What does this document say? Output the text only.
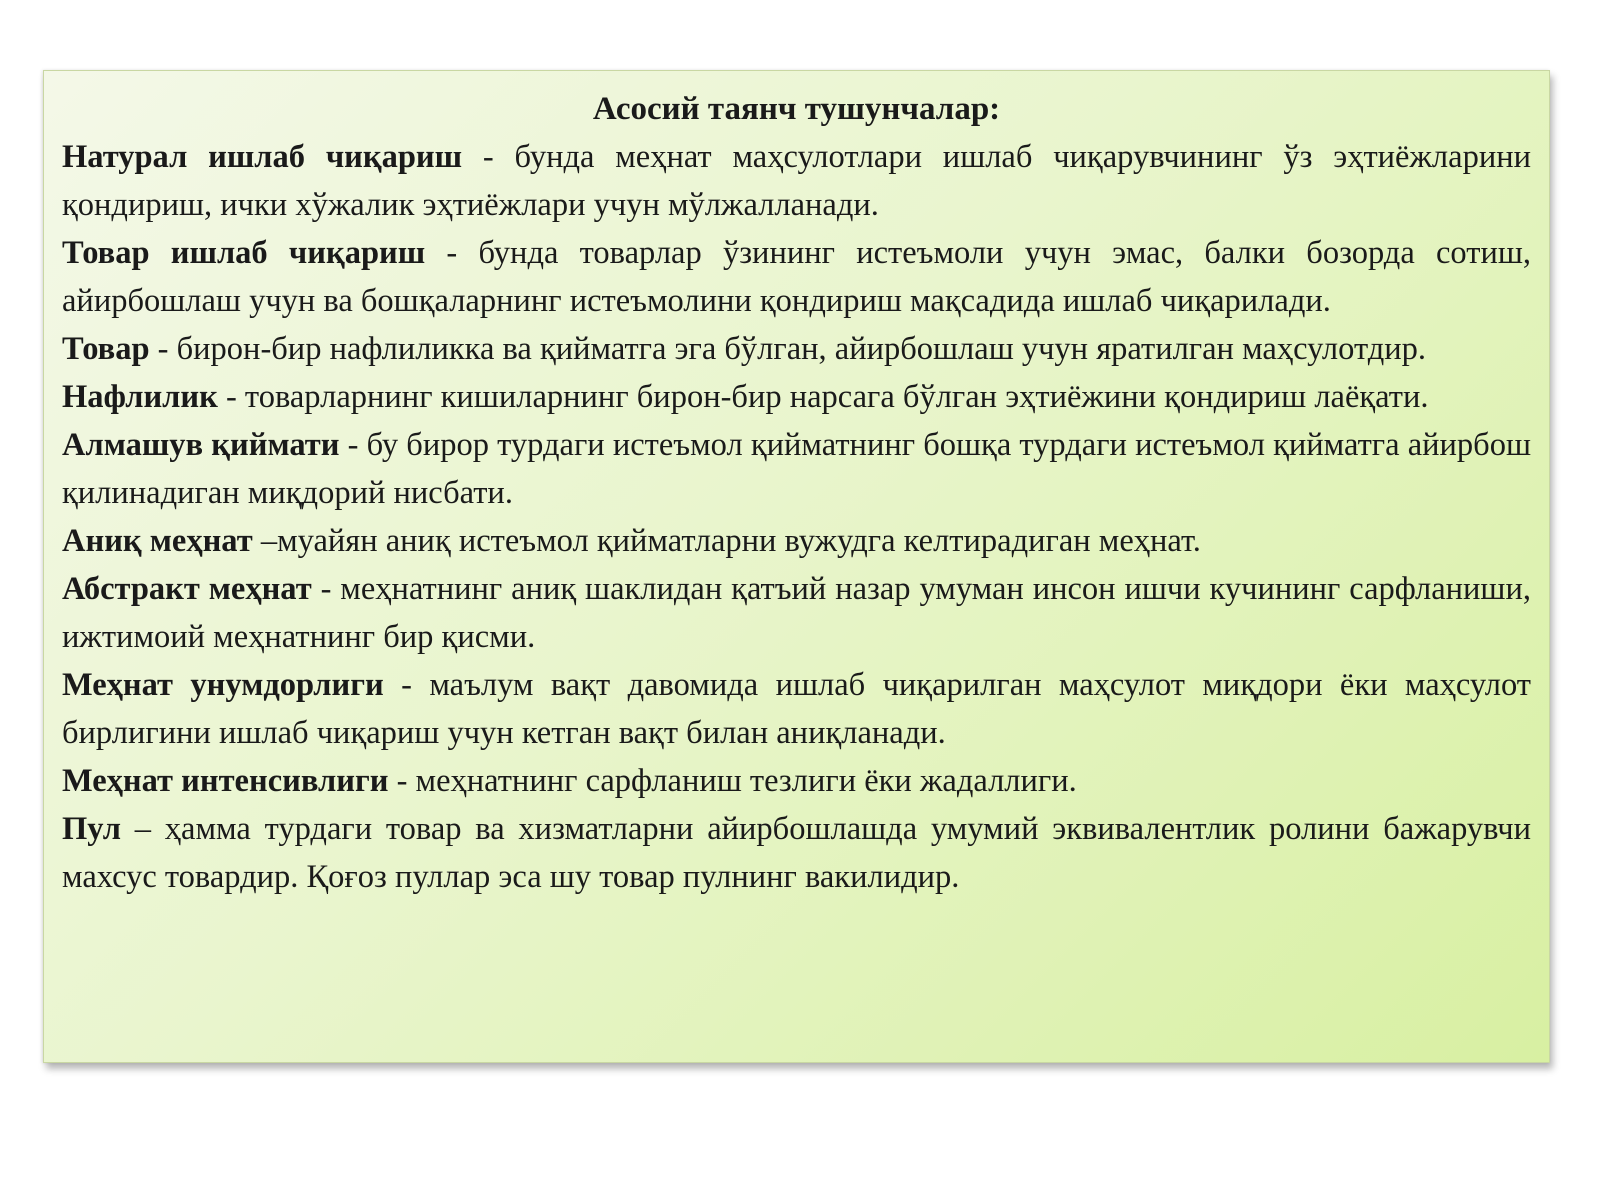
Асосий таянч тушунчалар:

Натурал ишлаб чиқариш - бунда меҳнат маҳсулотлари ишлаб чиқарувчининг ўз эҳтиёжларини қондириш, ички хўжалик эҳтиёжлари учун мўлжалланади.

Товар ишлаб чиқариш - бунда товарлар ўзининг истеъмоли учун эмас, балки бозорда сотиш, айирбошлаш учун ва бошқаларнинг истеъмолини қондириш мақсадида ишлаб чиқарилади.

Товар - бирон-бир нафлиликка ва қийматга эга бўлган, айирбошлаш учун яратилган маҳсулотдир.

Нафлилик - товарларнинг кишиларнинг бирон-бир нарсага бўлган эҳтиёжини қондириш лаёқати.

Алмашув қиймати - бу бирор турдаги истеъмол қийматнинг бошқа турдаги истеъмол қийматга айирбош қилинадиган миқдорий нисбати.

Аниқ меҳнат –муайян аниқ истеъмол қийматларни вужудга келтирадиган меҳнат.

Абстракт меҳнат - меҳнатнинг аниқ шаклидан қатъий назар умуман инсон ишчи кучининг сарфланиши, ижтимоий меҳнатнинг бир қисми.

Меҳнат унумдорлиги - маълум вақт давомида ишлаб чиқарилган маҳсулот миқдори ёки маҳсулот бирлигини ишлаб чиқариш учун кетган вақт билан аниқланади.

Меҳнат интенсивлиги - меҳнатнинг сарфланиш тезлиги ёки жадаллиги.

Пул – ҳамма турдаги товар ва хизматларни айирбошлашда умумий эквивалентлик ролини бажарувчи махсус товардир. Қоғоз пуллар эса шу товар пулнинг вакилидир.
